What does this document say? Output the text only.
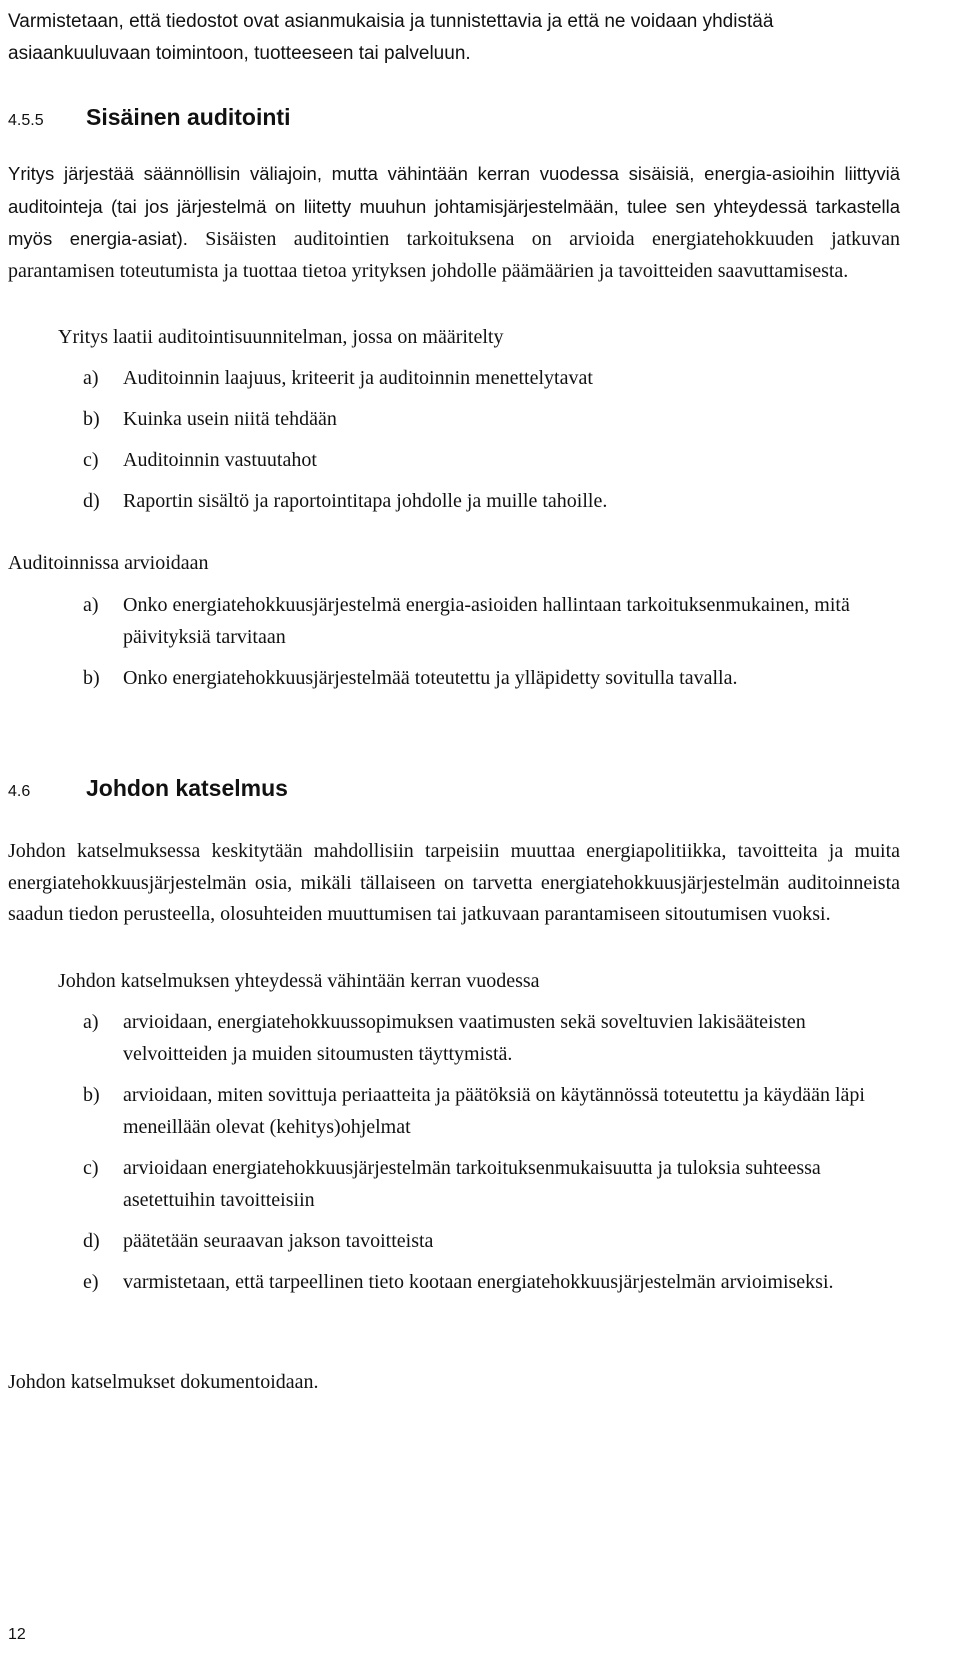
Varmistetaan, että tiedostot ovat asianmukaisia ja tunnistettavia ja että ne voidaan yhdistää asiaankuuluvaan toimintoon, tuotteeseen tai palveluun.

4.5.5	Sisäinen auditointi

Yritys järjestää säännöllisin väliajoin, mutta vähintään kerran vuodessa sisäisiä, energia-asioihin liittyviä auditointeja (tai jos järjestelmä on liitetty muuhun johtamisjärjestelmään, tulee sen yhteydessä tarkastella myös energia-asiat). Sisäisten auditointien tarkoituksena on arvioida energiatehokkuuden jatkuvan parantamisen toteutumista ja tuottaa tietoa yrityksen johdolle päämäärien ja tavoitteiden saavuttamisesta.

Yritys laatii auditointisuunnitelman, jossa on määritelty

a)	Auditoinnin laajuus, kriteerit ja auditoinnin menettelytavat
b)	Kuinka usein niitä tehdään
c)	Auditoinnin vastuutahot
d)	Raportin sisältö ja raportointitapa johdolle ja muille tahoille.

Auditoinnissa arvioidaan

a)	Onko energiatehokkuusjärjestelmä energia-asioiden hallintaan tarkoituksenmukainen, mitä päivityksiä tarvitaan
b)	Onko energiatehokkuusjärjestelmää toteutettu ja ylläpidetty sovitulla tavalla.
4.6	Johdon katselmus

Johdon katselmuksessa keskitytään mahdollisiin tarpeisiin muuttaa energiapolitiikka, tavoitteita ja muita energiatehokkuusjärjestelmän osia, mikäli tällaiseen on tarvetta energiatehokkuusjärjestelmän auditoinneista saadun tiedon perusteella, olosuhteiden muuttumisen tai jatkuvaan parantamiseen sitoutumisen vuoksi.

Johdon katselmuksen yhteydessä vähintään kerran vuodessa

a)	arvioidaan, energiatehokkuussopimuksen vaatimusten sekä soveltuvien lakisääteisten velvoitteiden ja muiden sitoumusten täyttymistä.
b)	arvioidaan, miten sovittuja periaatteita ja päätöksiä on käytännössä toteutettu ja käydään läpi meneillään olevat (kehitys)ohjelmat
c)	arvioidaan energiatehokkuusjärjestelmän tarkoituksenmukaisuutta ja tuloksia suhteessa asetettuihin tavoitteisiin
d)	päätetään seuraavan jakson tavoitteista
e)	varmistetaan, että tarpeellinen tieto kootaan energiatehokkuusjärjestelmän arvioimiseksi.

Johdon katselmukset dokumentoidaan.

12
